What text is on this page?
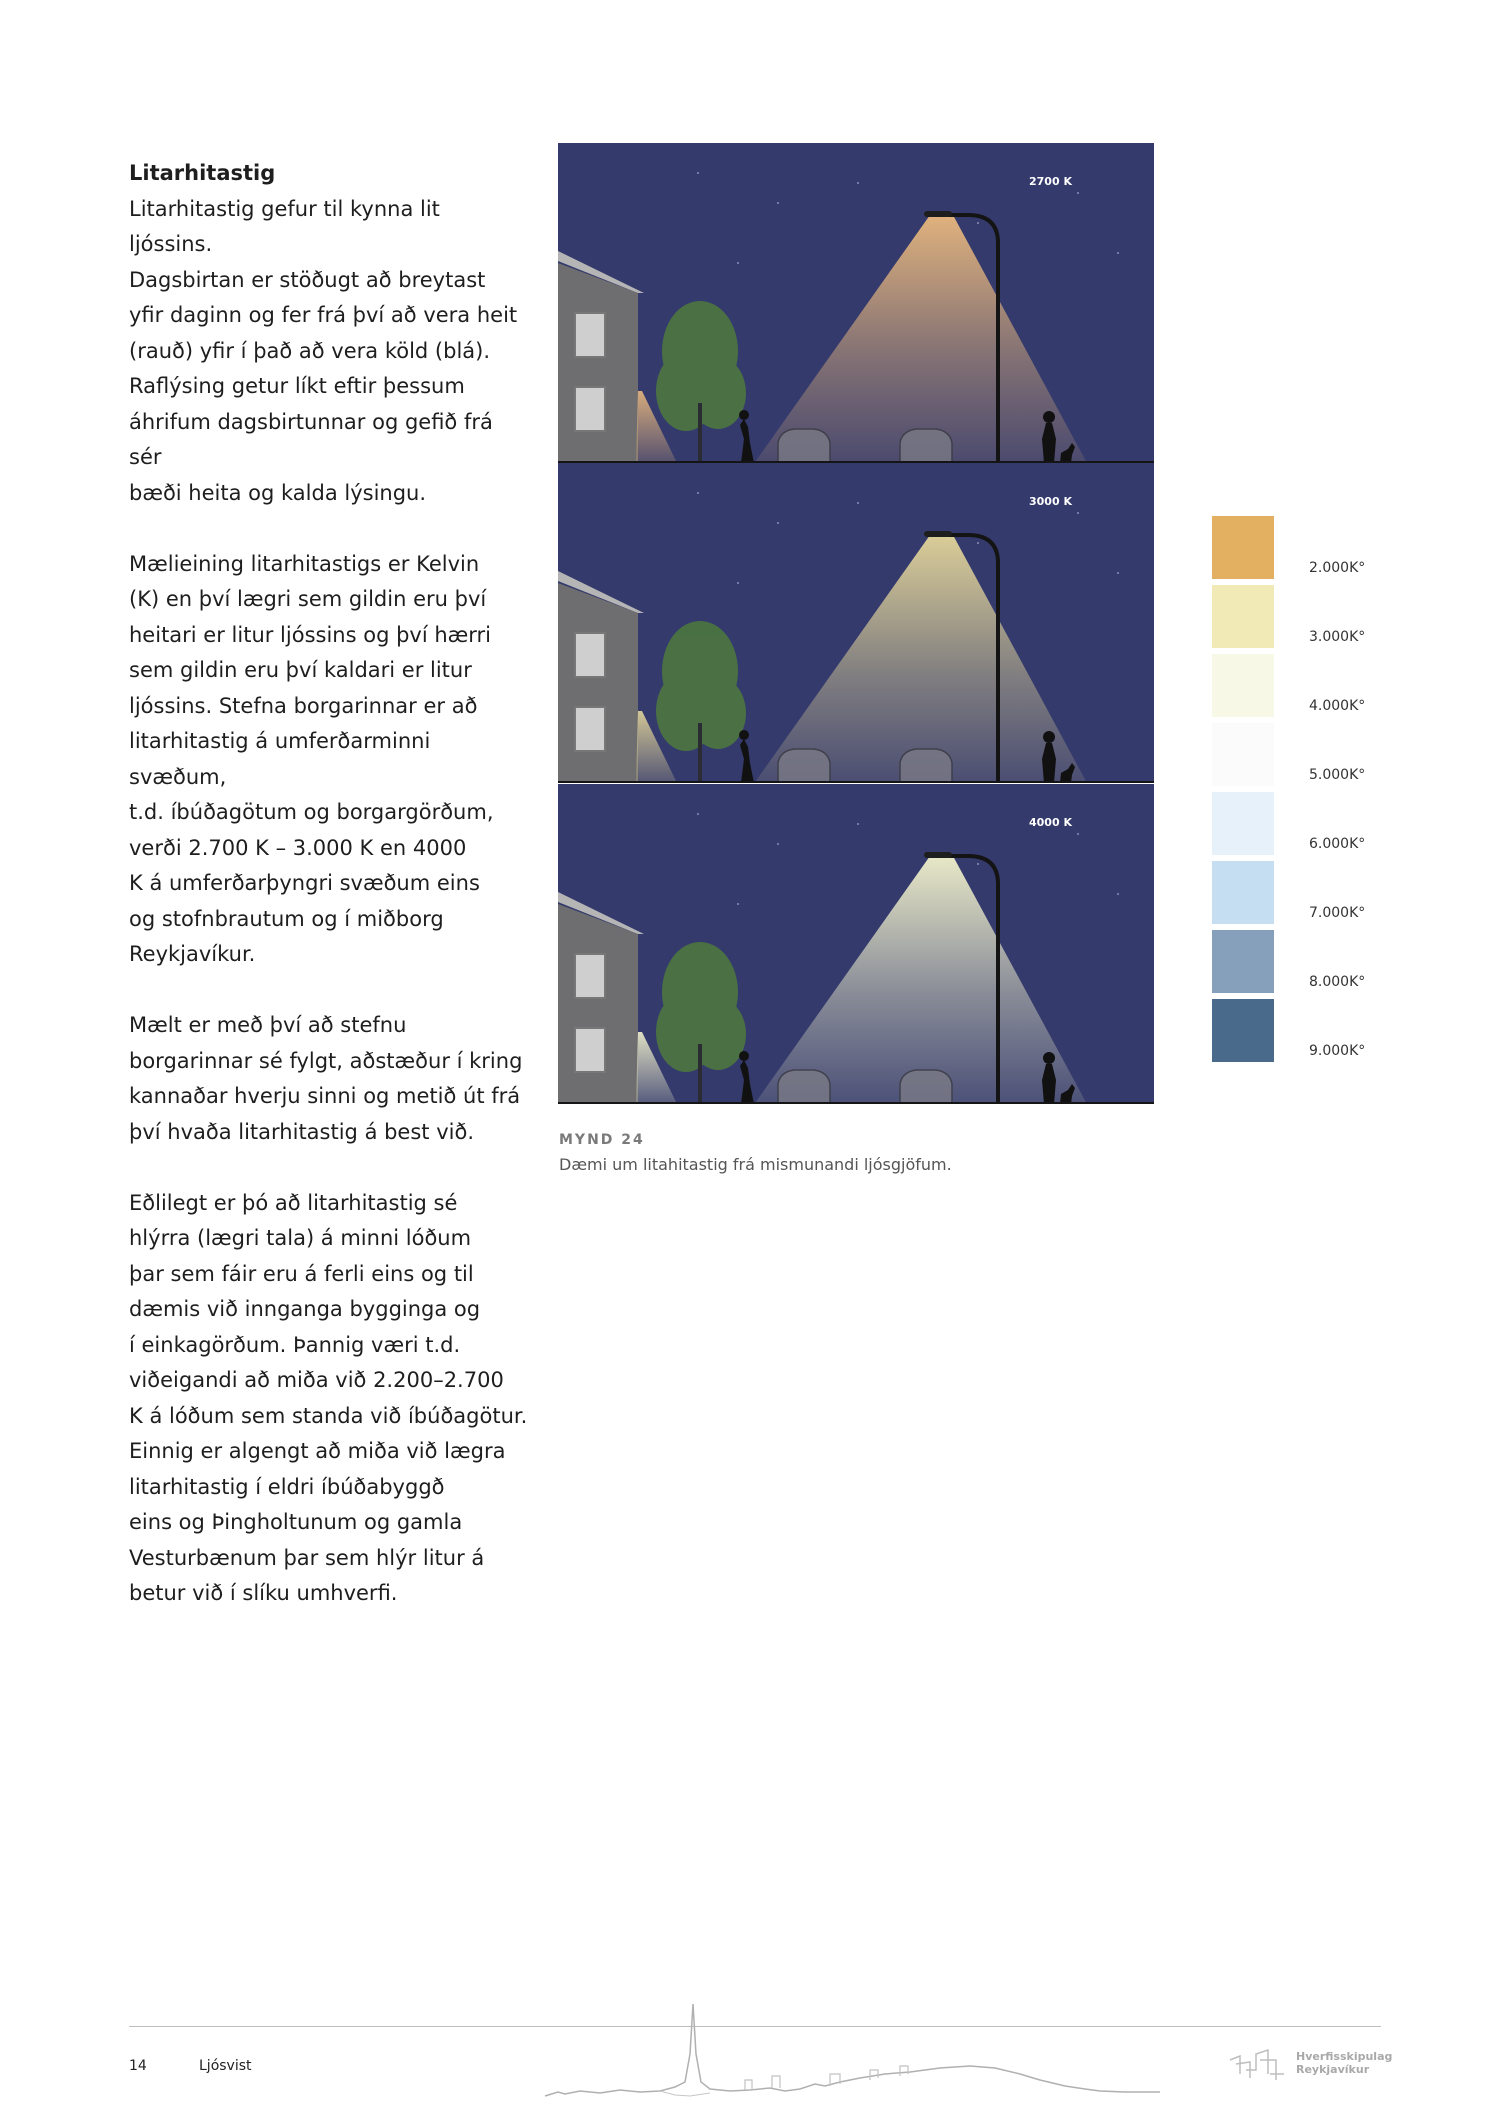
Litarhitastig

Litarhitastig gefur til kynna lit ljóssins.
Dagsbirtan er stöðugt að breytast
yfir daginn og fer frá því að vera heit
(rauð) yfir í það að vera köld (blá).
Raflýsing getur líkt eftir þessum
áhrifum dagsbirtunnar og gefið frá sér
bæði heita og kalda lýsingu.

Mælieining litarhitastigs er Kelvin
(K) en því lægri sem gildin eru því
heitari er litur ljóssins og því hærri
sem gildin eru því kaldari er litur
ljóssins. Stefna borgarinnar er að
litarhitastig á umferðarminni svæðum,
t.d. íbúðagötum og borgargörðum,
verði 2.700 K – 3.000 K en 4000
K á umferðarþyngri svæðum eins
og stofnbrautum og í miðborg
Reykjavíkur.

Mælt er með því að stefnu
borgarinnar sé fylgt, aðstæður í kring
kannaðar hverju sinni og metið út frá
því hvaða litarhitastig á best við.

Eðlilegt er þó að litarhitastig sé
hlýrra (lægri tala) á minni lóðum
þar sem fáir eru á ferli eins og til
dæmis við innganga bygginga og
í einkagörðum. Þannig væri t.d.
viðeigandi að miða við 2.200–2.700
K á lóðum sem standa við íbúðagötur.
Einnig er algengt að miða við lægra
litarhitastig í eldri íbúðabyggð
eins og Þingholtunum og gamla
Vesturbænum þar sem hlýr litur á
betur við í slíku umhverfi.

2700 K
3000 K
4000 K
MYND 24
Dæmi um litahitastig frá mismunandi ljósgjöfum.
2.000K°
3.000K°
4.000K°
5.000K°
6.000K°
7.000K°
8.000K°
9.000K°
14	Ljósvist
Hverfisskipulag
Reykjavíkur
